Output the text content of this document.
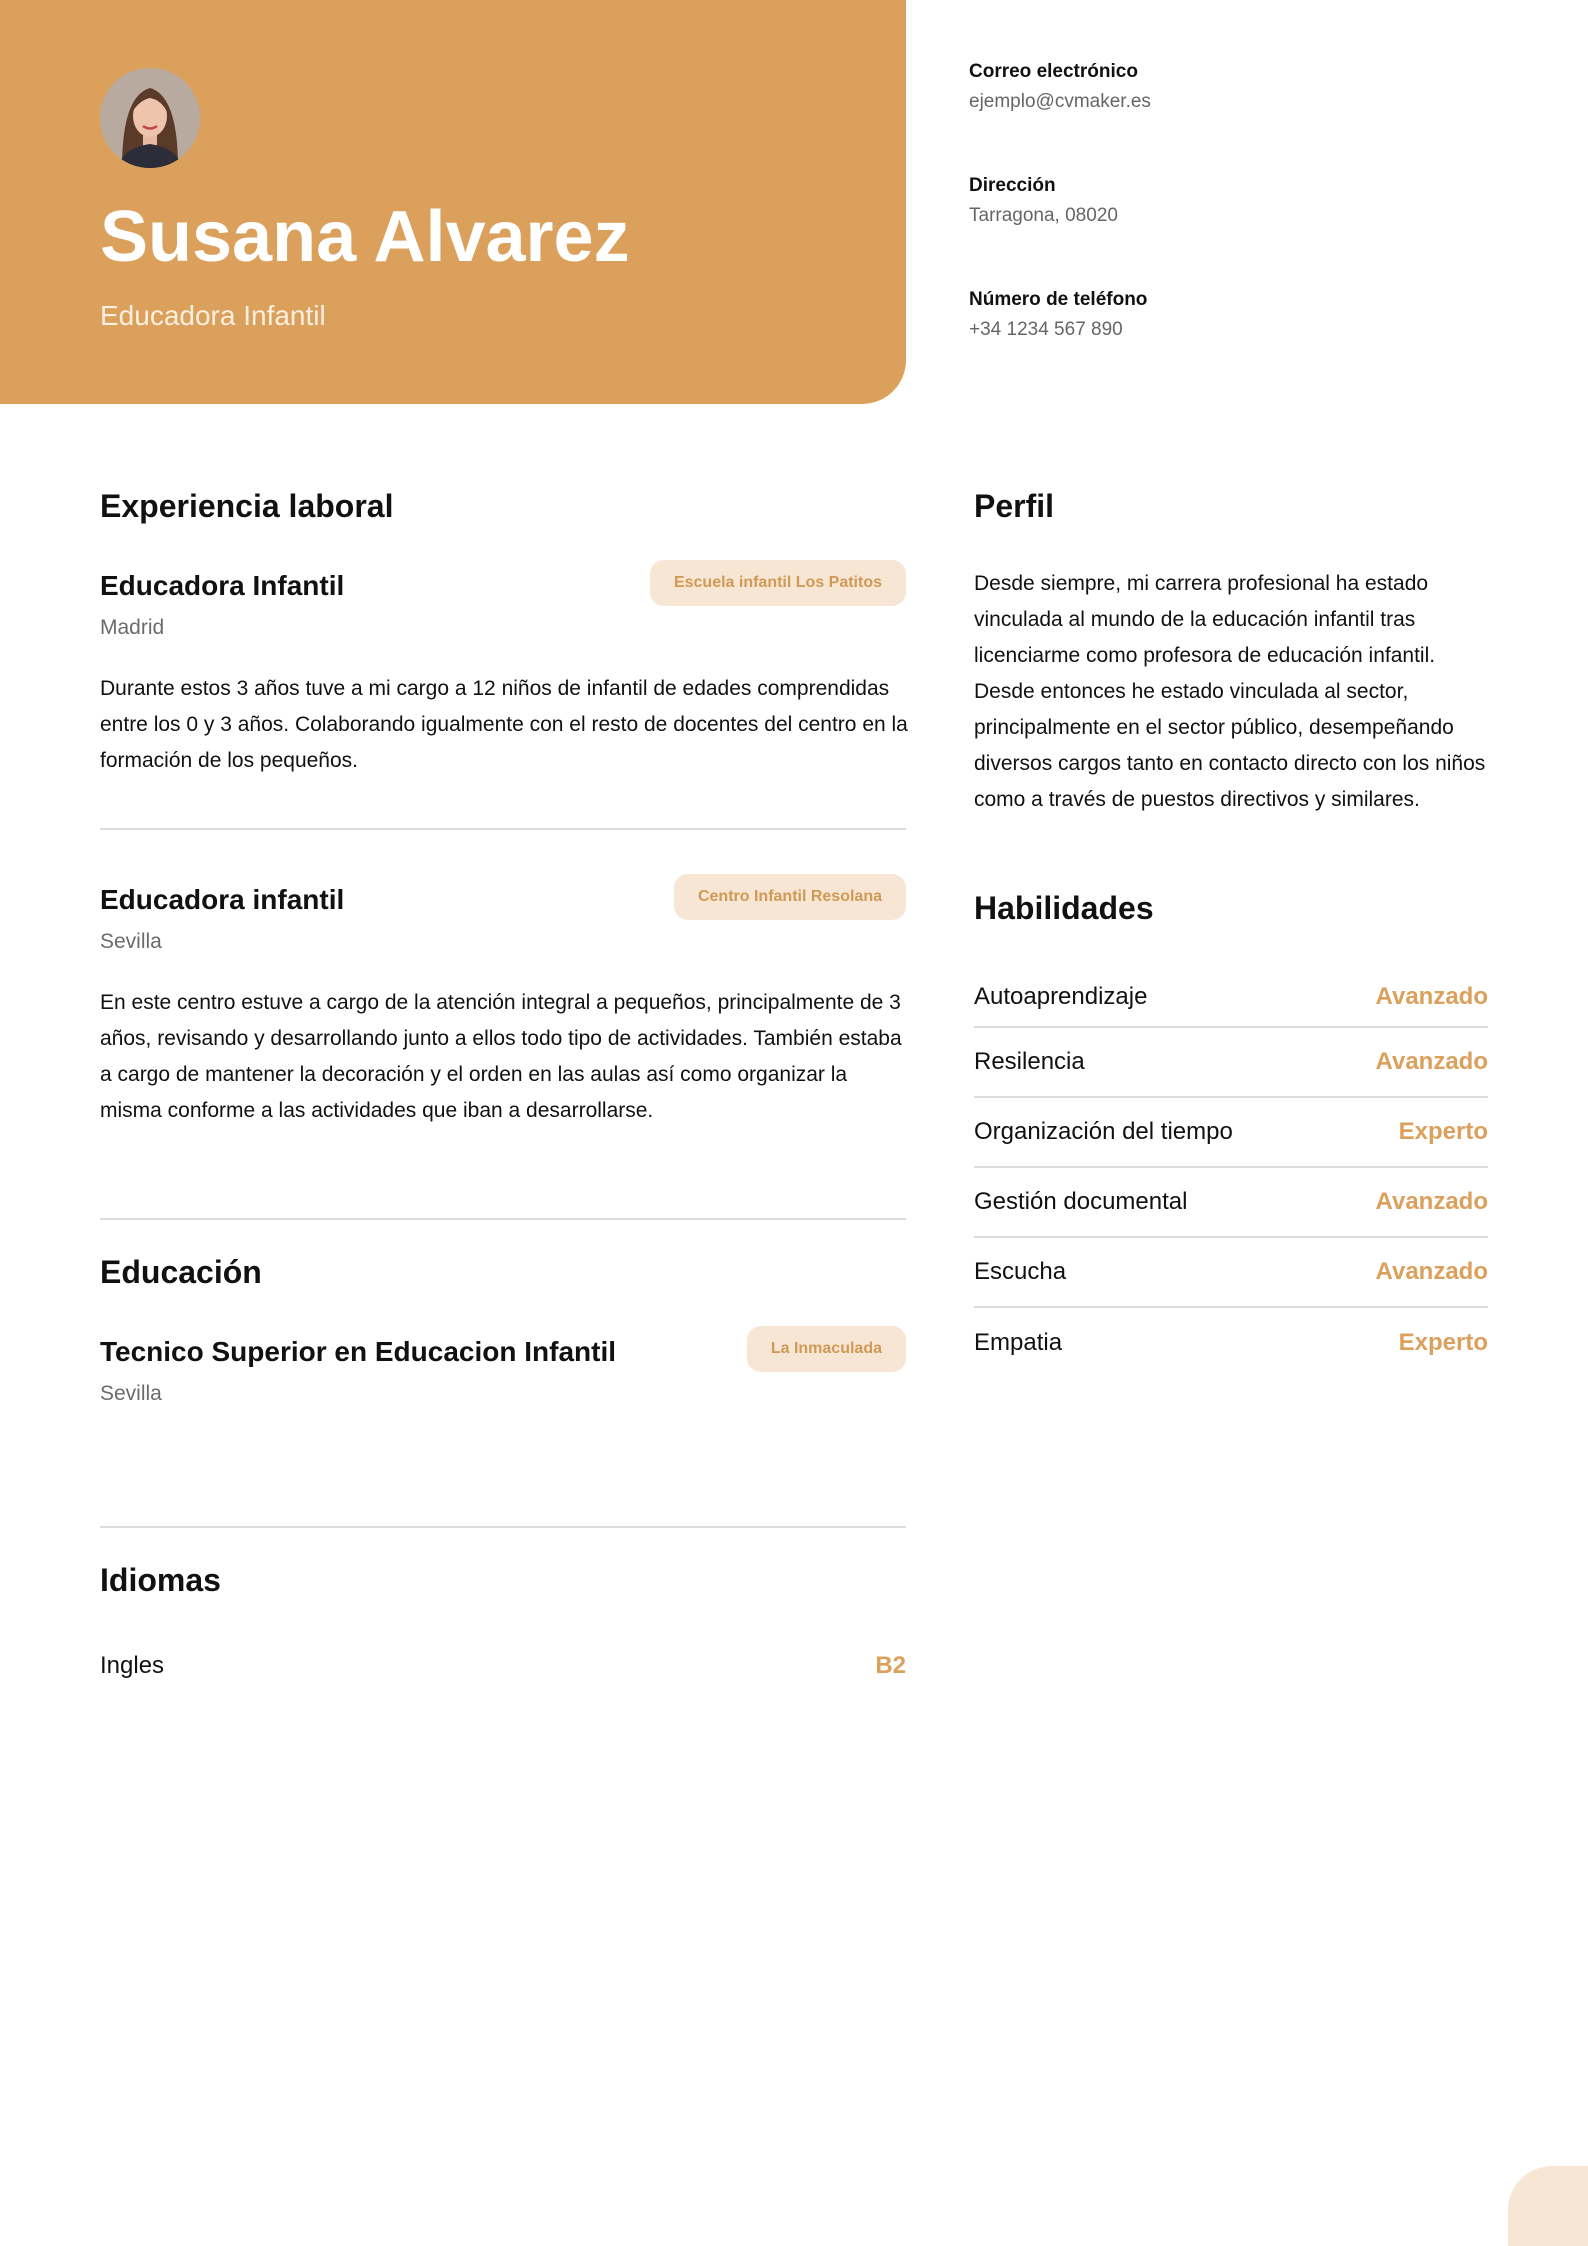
Susana Alvarez
Educadora Infantil
Correo electrónico
ejemplo@cvmaker.es
Dirección
Tarragona, 08020
Número de teléfono
+34 1234 567 890
Experiencia laboral
Educadora Infantil	Escuela infantil Los Patitos
Madrid

Durante estos 3 años tuve a mi cargo a 12 niños de infantil de edades comprendidas entre los 0 y 3 años. Colaborando igualmente con el resto de docentes del centro en la formación de los pequeños.

Educadora infantil	Centro Infantil Resolana
Sevilla

En este centro estuve a cargo de la atención integral a pequeños, principalmente de 3 años, revisando y desarrollando junto a ellos todo tipo de actividades. También estaba a cargo de mantener la decoración y el orden en las aulas así como organizar la misma conforme a las actividades que iban a desarrollarse.

Educación
Tecnico Superior en Educacion Infantil	La Inmaculada
Sevilla
Idiomas
Ingles	B2
Perfil

Desde siempre, mi carrera profesional ha estado vinculada al mundo de la educación infantil tras licenciarme como profesora de educación infantil. Desde entonces he estado vinculada al sector, principalmente en el sector público, desempeñando diversos cargos tanto en contacto directo con los niños como a través de puestos directivos y similares.

Habilidades
Autoaprendizaje	Avanzado
Resilencia	Avanzado
Organización del tiempo	Experto
Gestión documental	Avanzado
Escucha	Avanzado
Empatia	Experto
